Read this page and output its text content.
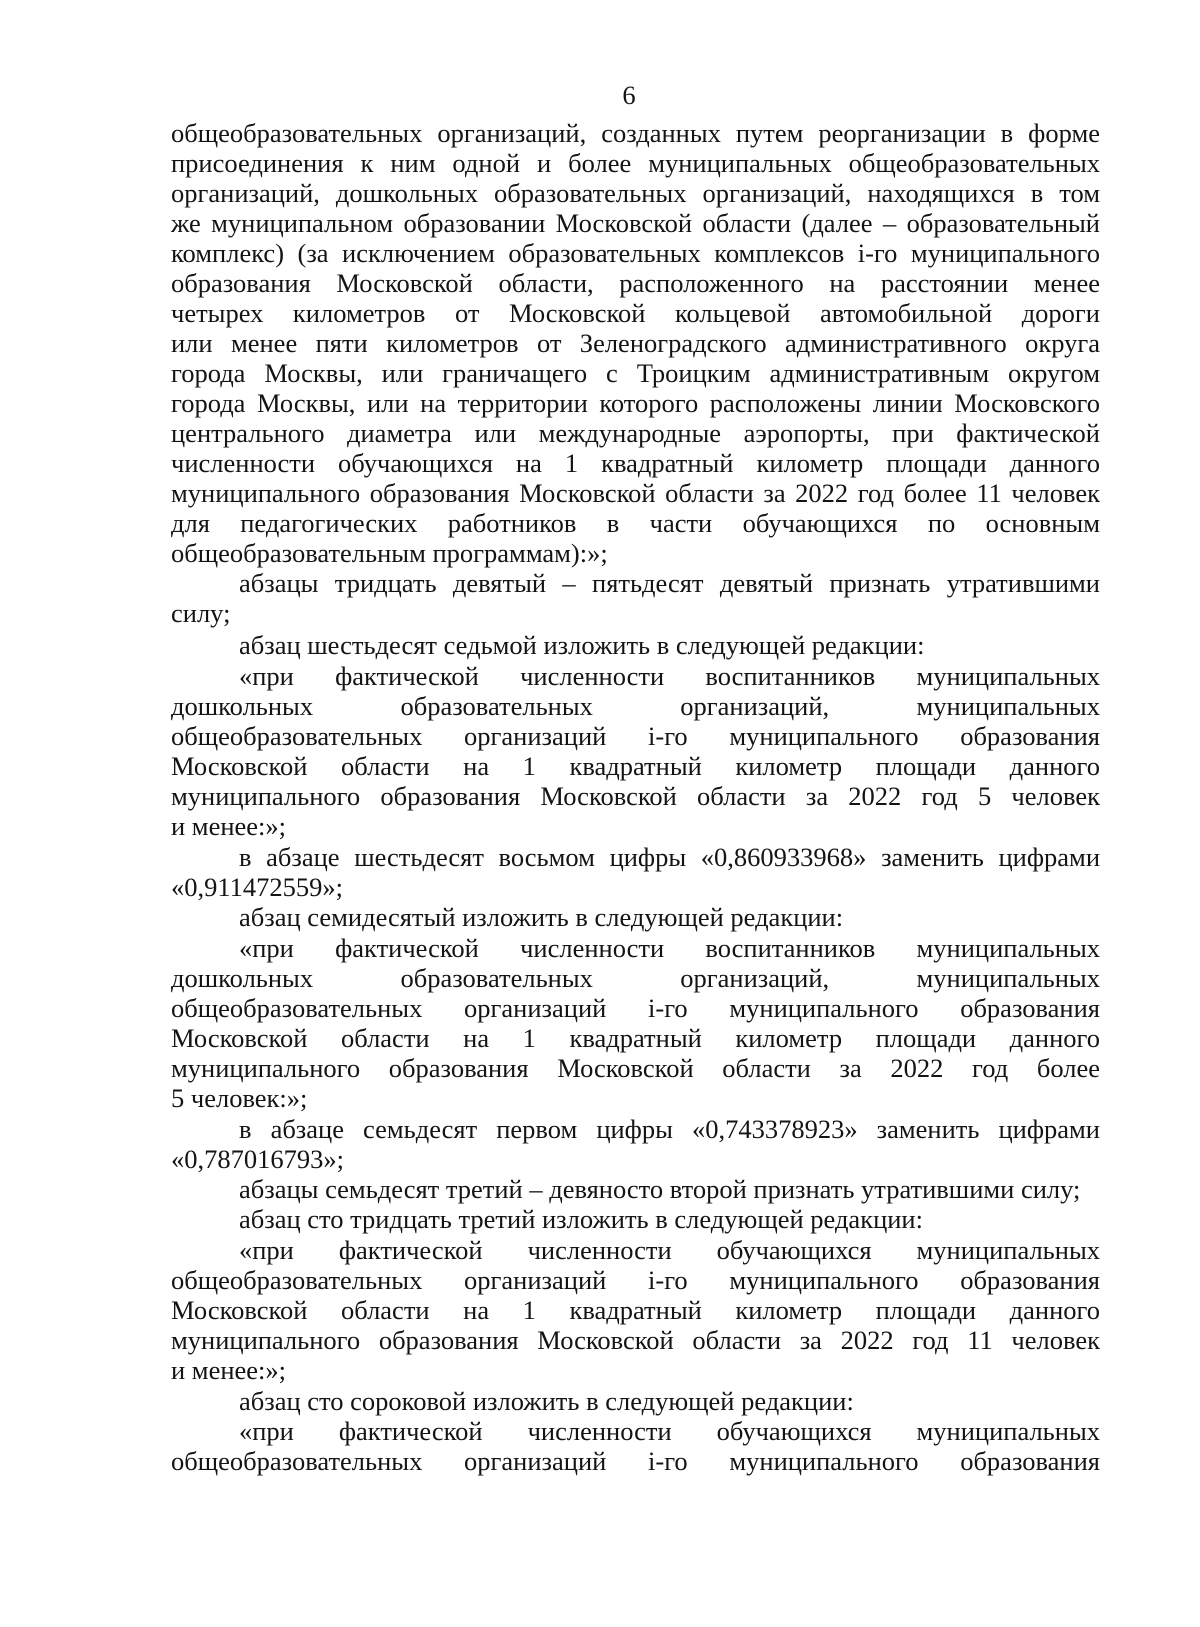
6
общеобразовательных организаций, созданных путем реорганизации в форме
присоединения к ним одной и более муниципальных общеобразовательных
организаций, дошкольных образовательных организаций, находящихся в том
же муниципальном образовании Московской области (далее – образовательный
комплекс) (за исключением образовательных комплексов i-го муниципального
образования Московской области, расположенного на расстоянии менее
четырех километров от Московской кольцевой автомобильной дороги
или менее пяти километров от Зеленоградского административного округа
города Москвы, или граничащего с Троицким административным округом
города Москвы, или на территории которого расположены линии Московского
центрального диаметра или международные аэропорты, при фактической
численности обучающихся на 1 квадратный километр площади данного
муниципального образования Московской области за 2022 год более 11 человек
для педагогических работников в части обучающихся по основным
общеобразовательным программам):»;
абзацы тридцать девятый – пятьдесят девятый признать утратившими
силу;
абзац шестьдесят седьмой изложить в следующей редакции:
«при фактической численности воспитанников муниципальных
дошкольных образовательных организаций, муниципальных
общеобразовательных организаций i-го муниципального образования
Московской области на 1 квадратный километр площади данного
муниципального образования Московской области за 2022 год 5 человек
и менее:»;
в абзаце шестьдесят восьмом цифры «0,860933968» заменить цифрами
«0,911472559»;
абзац семидесятый изложить в следующей редакции:
«при фактической численности воспитанников муниципальных
дошкольных образовательных организаций, муниципальных
общеобразовательных организаций i-го муниципального образования
Московской области на 1 квадратный километр площади данного
муниципального образования Московской области за 2022 год более
5 человек:»;
в абзаце семьдесят первом цифры «0,743378923» заменить цифрами
«0,787016793»;
абзацы семьдесят третий – девяносто второй признать утратившими силу;
абзац сто тридцать третий изложить в следующей редакции:
«при фактической численности обучающихся муниципальных
общеобразовательных организаций i-го муниципального образования
Московской области на 1 квадратный километр площади данного
муниципального образования Московской области за 2022 год 11 человек
и менее:»;
абзац сто сороковой изложить в следующей редакции:
«при фактической численности обучающихся муниципальных
общеобразовательных организаций i-го муниципального образования
